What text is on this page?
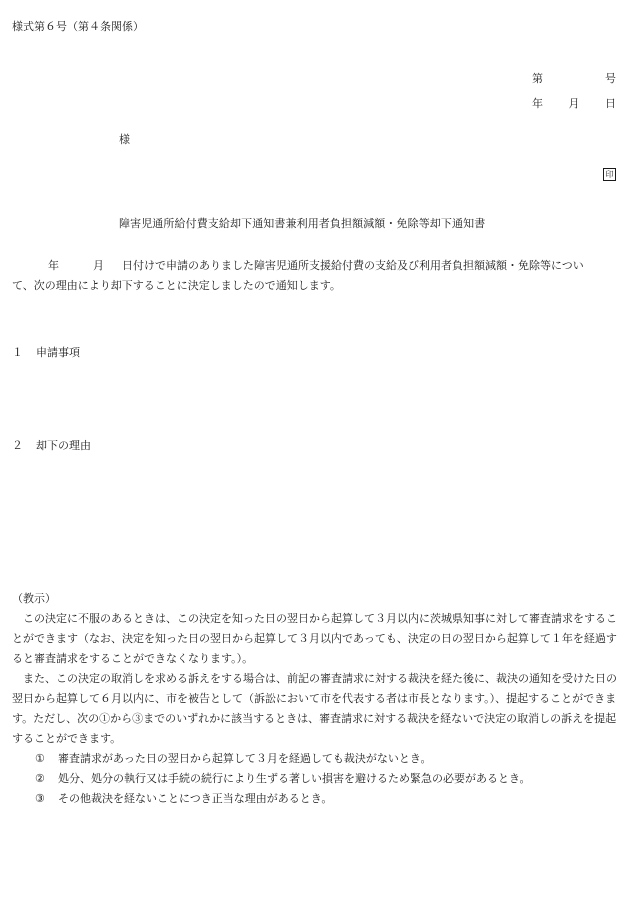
様式第６号（第４条関係）
第	号
年 月 日
様
印
障害児通所給付費支給却下通知書兼利用者負担額減額・免除等却下通知書
年	月 日付けで申請のありました障害児通所支援給付費の支給及び利用者負担額減額・免除等につい
て、次の理由により却下することに決定しましたので通知します。
１ 申請事項
２ 却下の理由
（教示）
この決定に不服のあるときは、この決定を知った日の翌日から起算して３月以内に茨城県知事に対して審査請求をすることができます（なお、決定を知った日の翌日から起算して３月以内であっても、決定の日の翌日から起算して１年を経過すると審査請求をすることができなくなります。）。
また、この決定の取消しを求める訴えをする場合は、前記の審査請求に対する裁決を経た後に、裁決の通知を受けた日の翌日から起算して６月以内に、市を被告として（訴訟において市を代表する者は市長となります。）、提起することができます。ただし、次の①から③までのいずれかに該当するときは、審査請求に対する裁決を経ないで決定の取消しの訴えを提起することができます。
① 審査請求があった日の翌日から起算して３月を経過しても裁決がないとき。
② 処分、処分の執行又は手続の続行により生ずる著しい損害を避けるため緊急の必要があるとき。
③ その他裁決を経ないことにつき正当な理由があるとき。
